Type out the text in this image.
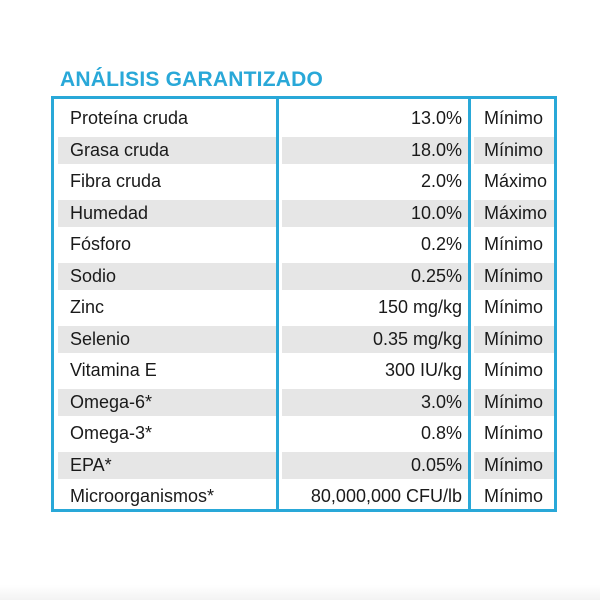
ANÁLISIS GARANTIZADO
Proteína cruda	13.0%	Mínimo
Grasa cruda	18.0%	Mínimo
Fibra cruda	2.0%	Máximo
Humedad	10.0%	Máximo
Fósforo	0.2%	Mínimo
Sodio	0.25%	Mínimo
Zinc	150 mg/kg	Mínimo
Selenio	0.35 mg/kg	Mínimo
Vitamina E	300 IU/kg	Mínimo
Omega-6*	3.0%	Mínimo
Omega-3*	0.8%	Mínimo
EPA*	0.05%	Mínimo
Microorganismos*	80,000,000 CFU/lb	Mínimo
